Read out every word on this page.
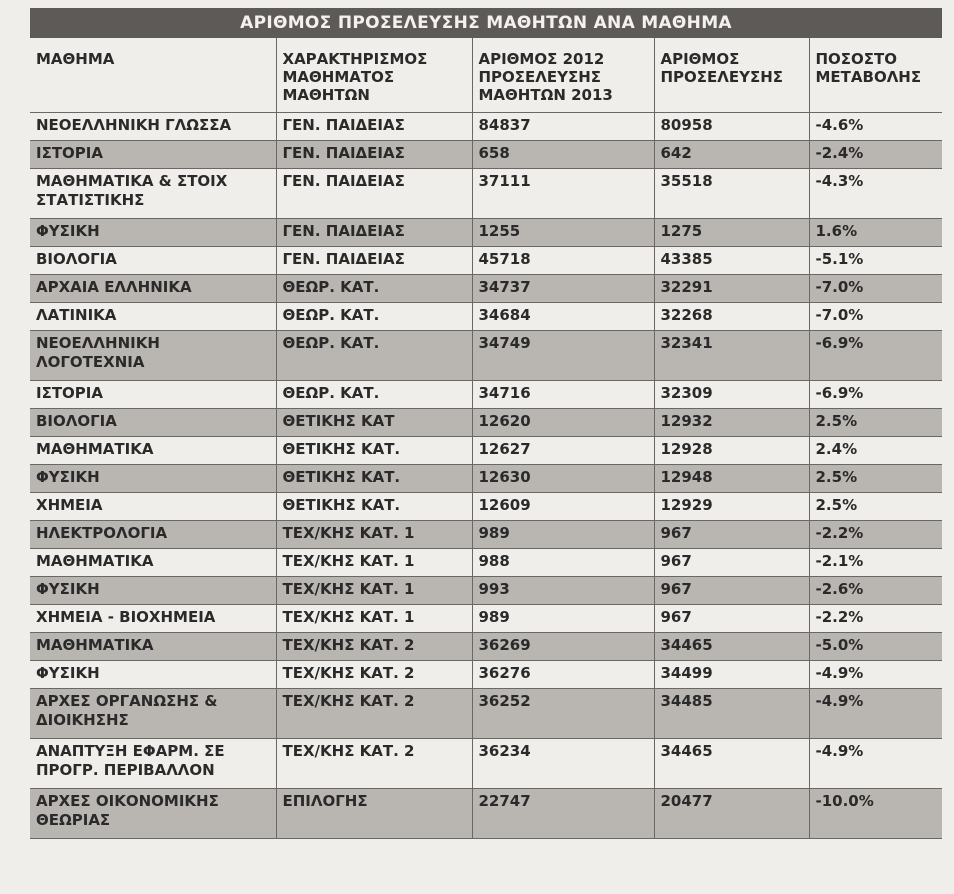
ΑΡΙΘΜΟΣ ΠΡΟΣΕΛΕΥΣΗΣ ΜΑΘΗΤΩΝ ΑΝΑ ΜΑΘΗΜΑ
ΜΑΘΗΜΑ	ΧΑΡΑΚΤΗΡΙΣΜΟΣ ΜΑΘΗΜΑΤΟΣ ΜΑΘΗΤΩΝ	ΑΡΙΘΜΟΣ 2012 ΠΡΟΣΕΛΕΥΣΗΣ ΜΑΘΗΤΩΝ 2013	ΑΡΙΘΜΟΣ ΠΡΟΣΕΛΕΥΣΗΣ	ΠΟΣΟΣΤΟ ΜΕΤΑΒΟΛΗΣ
ΝΕΟΕΛΛΗΝΙΚΗ ΓΛΩΣΣΑ	ΓΕΝ. ΠΑΙΔΕΙΑΣ	84837	80958	-4.6%
ΙΣΤΟΡΙΑ	ΓΕΝ. ΠΑΙΔΕΙΑΣ	658	642	-2.4%
ΜΑΘΗΜΑΤΙΚΑ & ΣΤΟΙΧ ΣΤΑΤΙΣΤΙΚΗΣ	ΓΕΝ. ΠΑΙΔΕΙΑΣ	37111	35518	-4.3%
ΦΥΣΙΚΗ	ΓΕΝ. ΠΑΙΔΕΙΑΣ	1255	1275	1.6%
ΒΙΟΛΟΓΙΑ	ΓΕΝ. ΠΑΙΔΕΙΑΣ	45718	43385	-5.1%
ΑΡΧΑΙΑ ΕΛΛΗΝΙΚΑ	ΘΕΩΡ. ΚΑΤ.	34737	32291	-7.0%
ΛΑΤΙΝΙΚΑ	ΘΕΩΡ. ΚΑΤ.	34684	32268	-7.0%
ΝΕΟΕΛΛΗΝΙΚΗ ΛΟΓΟΤΕΧΝΙΑ	ΘΕΩΡ. ΚΑΤ.	34749	32341	-6.9%
ΙΣΤΟΡΙΑ	ΘΕΩΡ. ΚΑΤ.	34716	32309	-6.9%
ΒΙΟΛΟΓΙΑ	ΘΕΤΙΚΗΣ ΚΑΤ	12620	12932	2.5%
ΜΑΘΗΜΑΤΙΚΑ	ΘΕΤΙΚΗΣ ΚΑΤ.	12627	12928	2.4%
ΦΥΣΙΚΗ	ΘΕΤΙΚΗΣ ΚΑΤ.	12630	12948	2.5%
ΧΗΜΕΙΑ	ΘΕΤΙΚΗΣ ΚΑΤ.	12609	12929	2.5%
ΗΛΕΚΤΡΟΛΟΓΙΑ	ΤΕΧ/ΚΗΣ ΚΑΤ. 1	989	967	-2.2%
ΜΑΘΗΜΑΤΙΚΑ	ΤΕΧ/ΚΗΣ ΚΑΤ. 1	988	967	-2.1%
ΦΥΣΙΚΗ	ΤΕΧ/ΚΗΣ ΚΑΤ. 1	993	967	-2.6%
ΧΗΜΕΙΑ - ΒΙΟΧΗΜΕΙΑ	ΤΕΧ/ΚΗΣ ΚΑΤ. 1	989	967	-2.2%
ΜΑΘΗΜΑΤΙΚΑ	ΤΕΧ/ΚΗΣ ΚΑΤ. 2	36269	34465	-5.0%
ΦΥΣΙΚΗ	ΤΕΧ/ΚΗΣ ΚΑΤ. 2	36276	34499	-4.9%
ΑΡΧΕΣ ΟΡΓΑΝΩΣΗΣ & ΔΙΟΙΚΗΣΗΣ	ΤΕΧ/ΚΗΣ ΚΑΤ. 2	36252	34485	-4.9%
ΑΝΑΠΤΥΞΗ ΕΦΑΡΜ. ΣΕ ΠΡΟΓΡ. ΠΕΡΙΒΑΛΛΟΝ	ΤΕΧ/ΚΗΣ ΚΑΤ. 2	36234	34465	-4.9%
ΑΡΧΕΣ ΟΙΚΟΝΟΜΙΚΗΣ ΘΕΩΡΙΑΣ	ΕΠΙΛΟΓΗΣ	22747	20477	-10.0%
